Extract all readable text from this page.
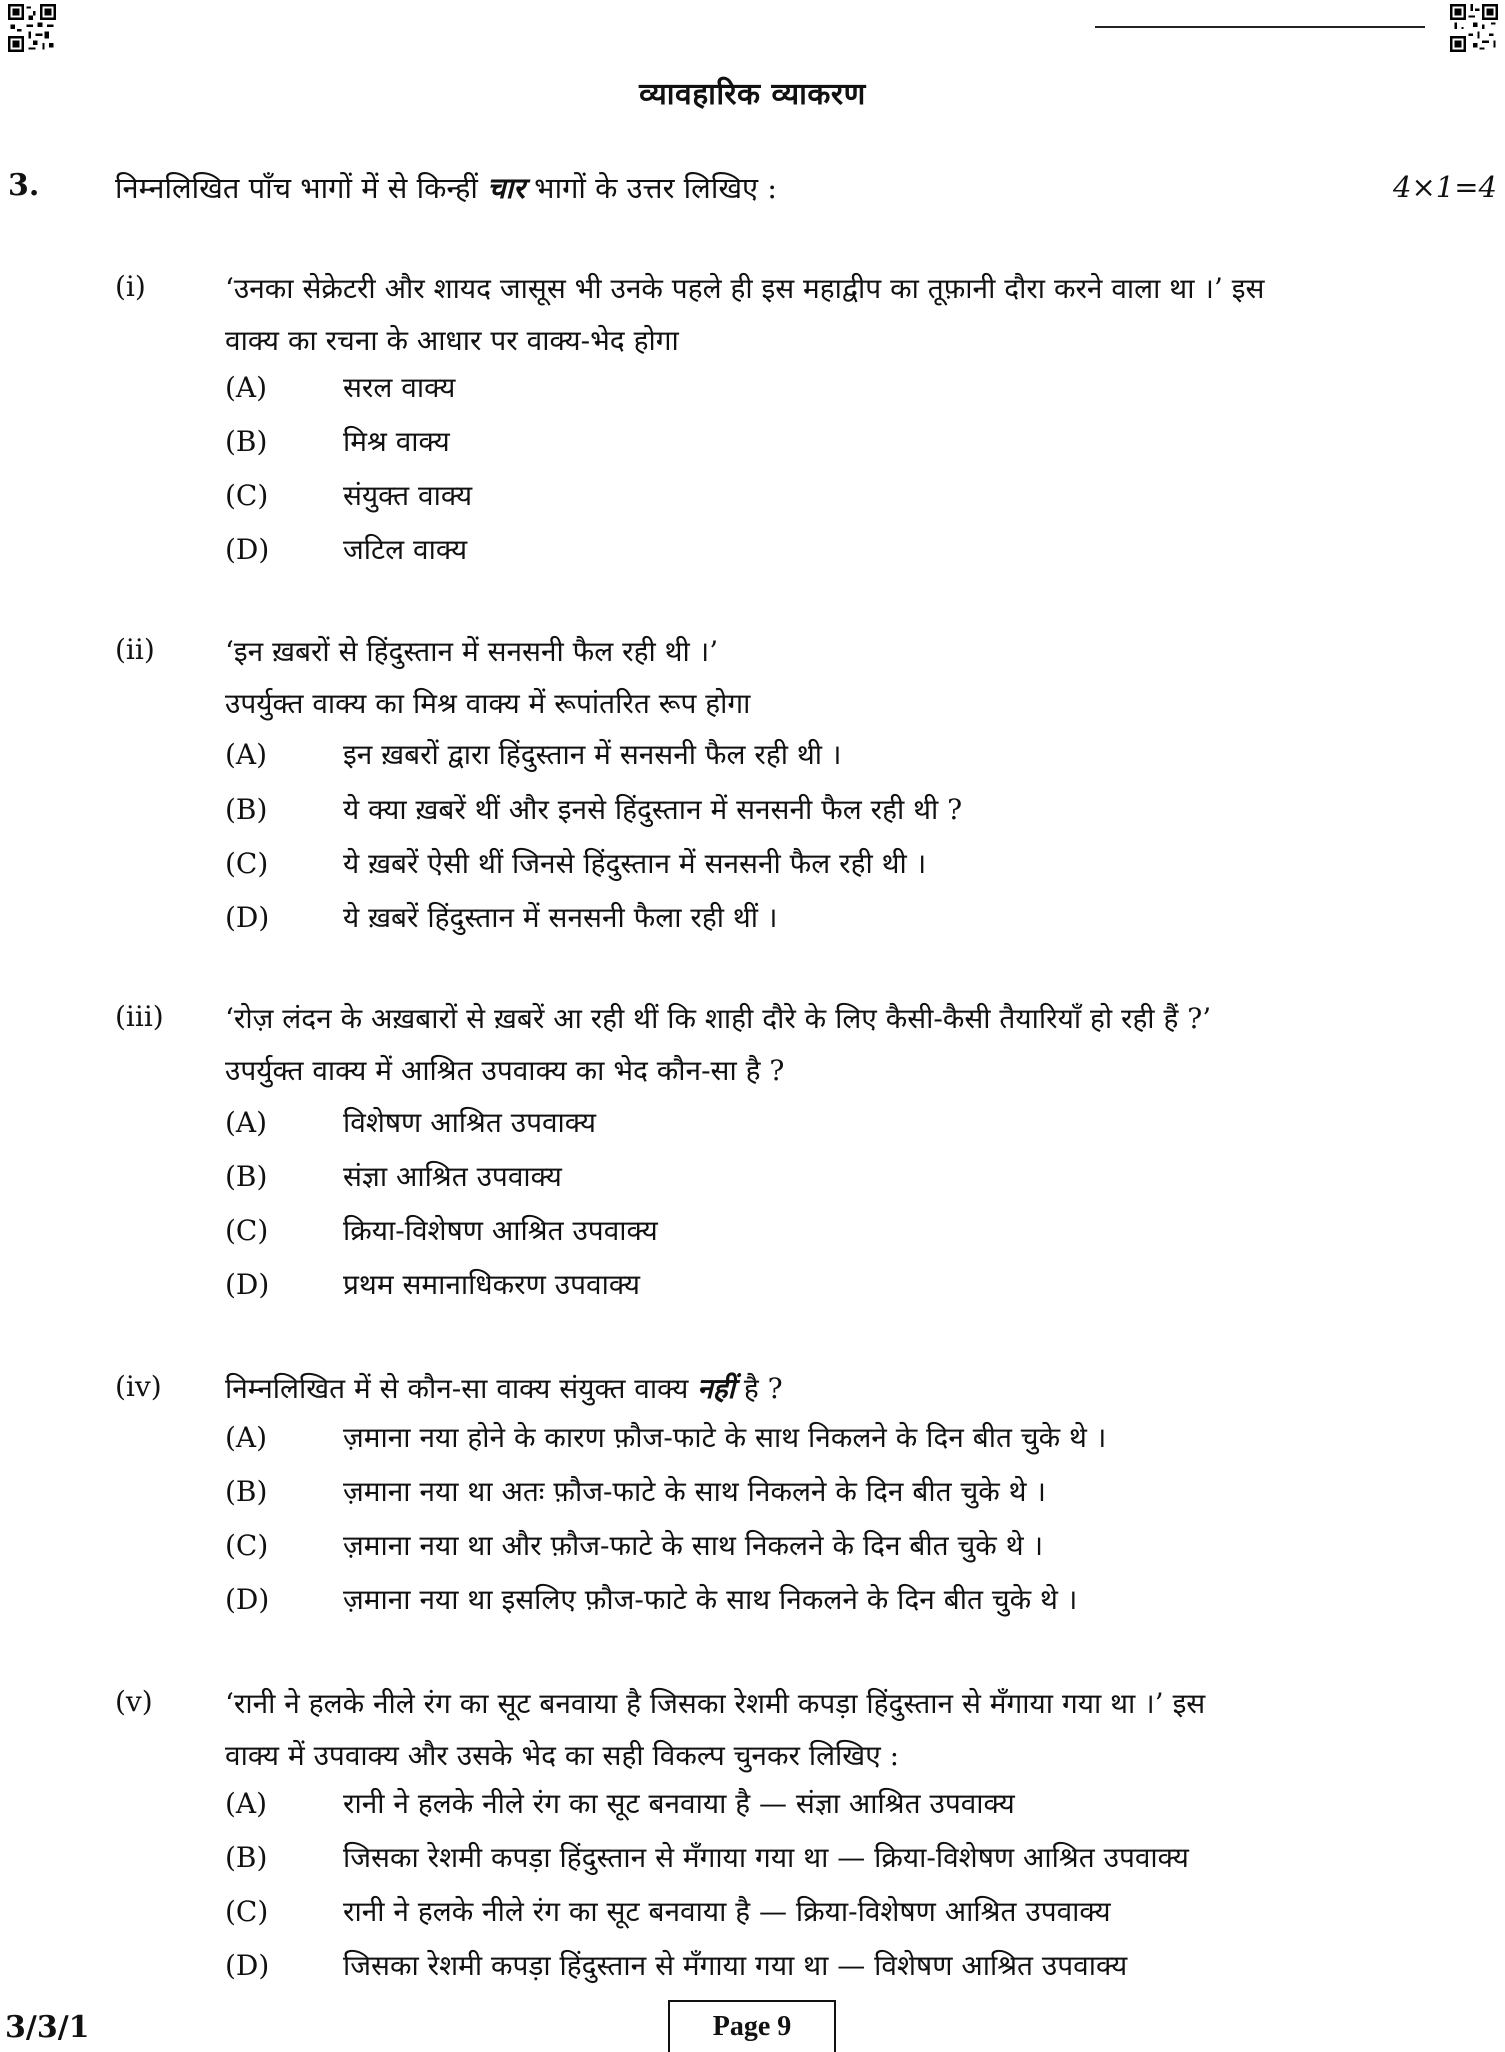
व्यावहारिक व्याकरण
3.	निम्नलिखित पाँच भागों में से किन्हीं चार भागों के उत्तर लिखिए :	4×1=4
(i)	‘उनका सेक्रेटरी और शायद जासूस भी उनके पहले ही इस महाद्वीप का तूफ़ानी दौरा करने वाला था ।’ इस
वाक्य का रचना के आधार पर वाक्य-भेद होगा
(A)	सरल वाक्य
(B)	मिश्र वाक्य
(C)	संयुक्त वाक्य
(D)	जटिल वाक्य
(ii)	‘इन ख़बरों से हिंदुस्तान में सनसनी फैल रही थी ।’
उपर्युक्त वाक्य का मिश्र वाक्य में रूपांतरित रूप होगा
(A)	इन ख़बरों द्वारा हिंदुस्तान में सनसनी फैल रही थी ।
(B)	ये क्या ख़बरें थीं और इनसे हिंदुस्तान में सनसनी फैल रही थी ?
(C)	ये ख़बरें ऐसी थीं जिनसे हिंदुस्तान में सनसनी फैल रही थी ।
(D)	ये ख़बरें हिंदुस्तान में सनसनी फैला रही थीं ।
(iii) ‘रोज़ लंदन के अख़बारों से ख़बरें आ रही थीं कि शाही दौरे के लिए कैसी-कैसी तैयारियाँ हो रही हैं ?’
उपर्युक्त वाक्य में आश्रित उपवाक्य का भेद कौन-सा है ?
(A)	विशेषण आश्रित उपवाक्य
(B)	संज्ञा आश्रित उपवाक्य
(C)	क्रिया-विशेषण आश्रित उपवाक्य
(D)	प्रथम समानाधिकरण उपवाक्य
(iv) निम्नलिखित में से कौन-सा वाक्य संयुक्त वाक्य नहीं है ?
(A)	ज़माना नया होने के कारण फ़ौज-फाटे के साथ निकलने के दिन बीत चुके थे ।
(B)	ज़माना नया था अतः फ़ौज-फाटे के साथ निकलने के दिन बीत चुके थे ।
(C)	ज़माना नया था और फ़ौज-फाटे के साथ निकलने के दिन बीत चुके थे ।
(D)	ज़माना नया था इसलिए फ़ौज-फाटे के साथ निकलने के दिन बीत चुके थे ।
(v)	‘रानी ने हलके नीले रंग का सूट बनवाया है जिसका रेशमी कपड़ा हिंदुस्तान से मँगाया गया था ।’ इस
वाक्य में उपवाक्य और उसके भेद का सही विकल्प चुनकर लिखिए :
(A)	रानी ने हलके नीले रंग का सूट बनवाया है — संज्ञा आश्रित उपवाक्य
(B)	जिसका रेशमी कपड़ा हिंदुस्तान से मँगाया गया था — क्रिया-विशेषण आश्रित उपवाक्य
(C)	रानी ने हलके नीले रंग का सूट बनवाया है — क्रिया-विशेषण आश्रित उपवाक्य
(D)	जिसका रेशमी कपड़ा हिंदुस्तान से मँगाया गया था — विशेषण आश्रित उपवाक्य
3/3/1	Page 9
